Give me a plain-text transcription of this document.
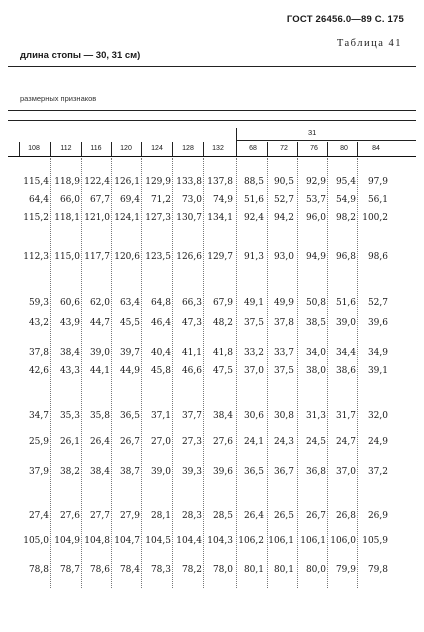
ГОСТ 26456.0—89 С. 175
Таблица 41
длина стопы — 30, 31 см)
размерных признаков
31
108	112	116	120	124	128	132	68	72	76	80	84
115,4 118,9 122,4 126,1 129,9 133,8 137,8 88,5 90,5 92,9 95,4 97,9
64,4 66,0 67,7 69,4 71,2 73,0 74,9 51,6 52,7 53,7 54,9 56,1
115,2 118,1 121,0 124,1 127,3 130,7 134,1 92,4 94,2 96,0 98,2 100,2
112,3 115,0 117,7 120,6 123,5 126,6 129,7 91,3 93,0 94,9 96,8 98,6
59,3 60,6 62,0 63,4 64,8 66,3 67,9 49,1 49,9 50,8 51,6 52,7
43,2 43,9 44,7 45,5 46,4 47,3 48,2 37,5 37,8 38,5 39,0 39,6
37,8 38,4 39,0 39,7 40,4 41,1 41,8 33,2 33,7 34,0 34,4 34,9
42,6 43,3 44,1 44,9 45,8 46,6 47,5 37,0 37,5 38,0 38,6 39,1
34,7 35,3 35,8 36,5 37,1 37,7 38,4 30,6 30,8 31,3 31,7 32,0
25,9 26,1 26,4 26,7 27,0 27,3 27,6 24,1 24,3 24,5 24,7 24,9
37,9 38,2 38,4 38,7 39,0 39,3 39,6 36,5 36,7 36,8 37,0 37,2
27,4 27,6 27,7 27,9 28,1 28,3 28,5 26,4 26,5 26,7 26,8 26,9
105,0 104,9 104,8 104,7 104,5 104,4 104,3 106,2 106,1 106,1 106,0 105,9
78,8 78,7 78,6 78,4 78,3 78,2 78,0 80,1 80,1 80,0 79,9 79,8
